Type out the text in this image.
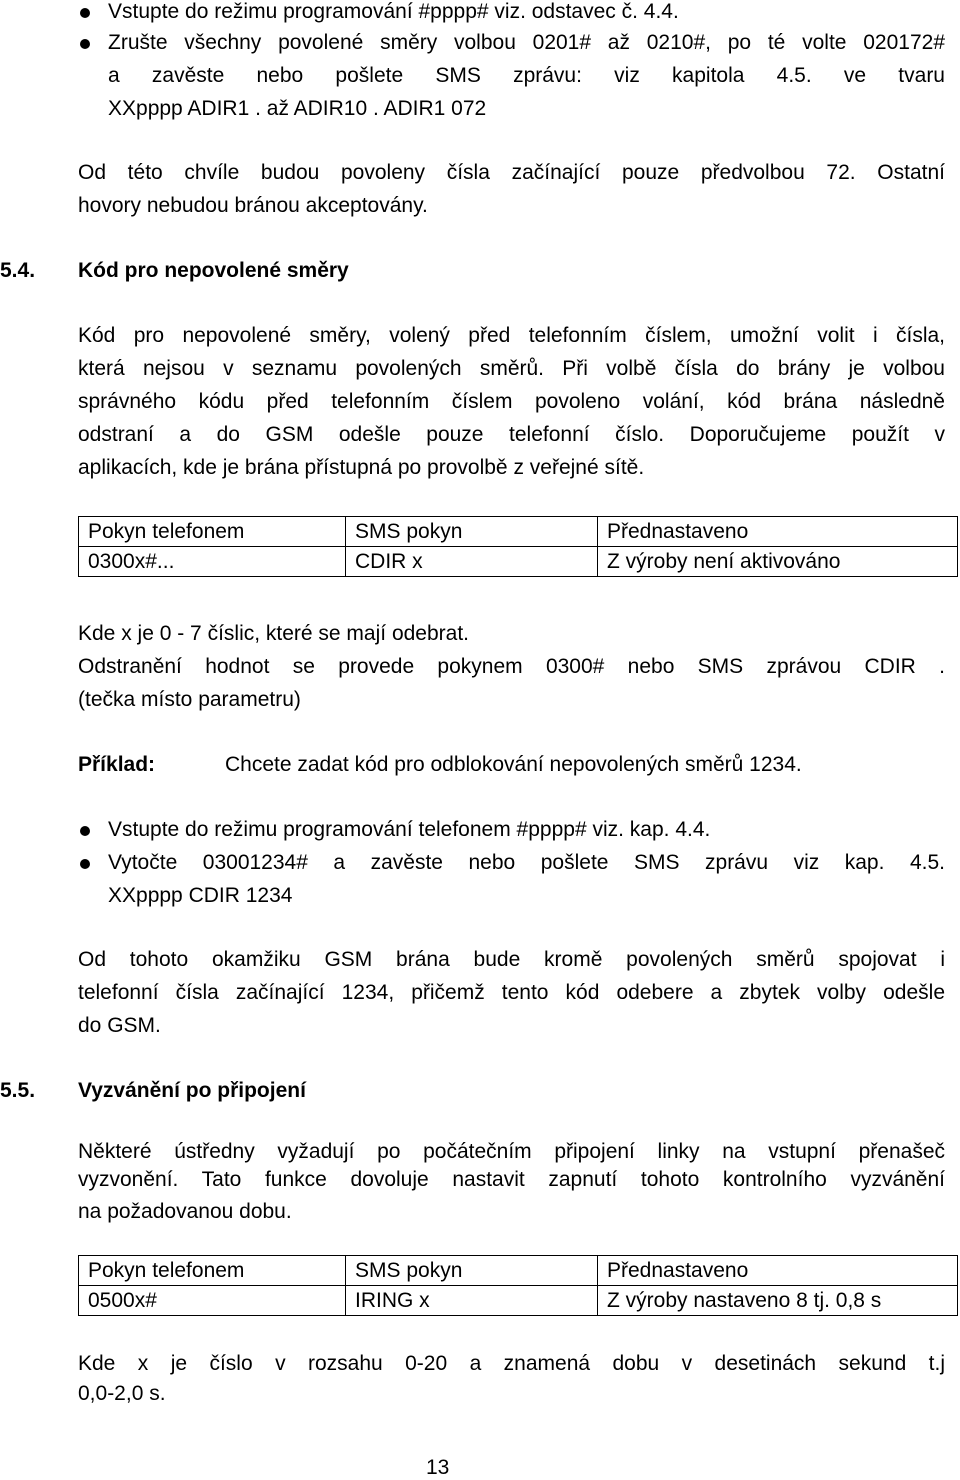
Vstupte do režimu programování #pppp# viz. odstavec č. 4.4.
Zrušte všechny povolené směry volbou 0201# až 0210#, po té volte 020172#
a zavěste nebo pošlete SMS zprávu: viz kapitola 4.5. ve tvaru
XXpppp ADIR1 . až ADIR10 . ADIR1 072
Od této chvíle budou povoleny čísla začínající pouze předvolbou 72. Ostatní
hovory nebudou bránou akceptovány.
5.4. Kód pro nepovolené směry
Kód pro nepovolené směry, volený před telefonním číslem, umožní volit i čísla,
která nejsou v seznamu povolených směrů. Při volbě čísla do brány je volbou
správného kódu před telefonním číslem povoleno volání, kód brána následně
odstraní a do GSM odešle pouze telefonní číslo. Doporučujeme použít v
aplikacích, kde je brána přístupná po provolbě z veřejné sítě.
Pokyn telefonem	SMS pokyn	Přednastaveno
0300x#...	CDIR x	Z výroby není aktivováno
Kde x je 0 - 7 číslic, které se mají odebrat.
Odstranění hodnot se provede pokynem 0300# nebo SMS zprávou CDIR .
(tečka místo parametru)
Příklad:	Chcete zadat kód pro odblokování nepovolených směrů 1234.
Vstupte do režimu programování telefonem #pppp# viz. kap. 4.4.
Vytočte 03001234# a zavěste nebo pošlete SMS zprávu viz kap. 4.5.
XXpppp CDIR 1234
Od tohoto okamžiku GSM brána bude kromě povolených směrů spojovat i
telefonní čísla začínající 1234, přičemž tento kód odebere a zbytek volby odešle
do GSM.
5.5. Vyzvánění po připojení
Některé ústředny vyžadují po počátečním připojení linky na vstupní přenašeč
vyzvonění. Tato funkce dovoluje nastavit zapnutí tohoto kontrolního vyzvánění
na požadovanou dobu.
Pokyn telefonem	SMS pokyn	Přednastaveno
0500x#	IRING x	Z výroby nastaveno 8 tj. 0,8 s
Kde x je číslo v rozsahu 0-20 a znamená dobu v desetinách sekund t.j
0,0-2,0 s.
13
